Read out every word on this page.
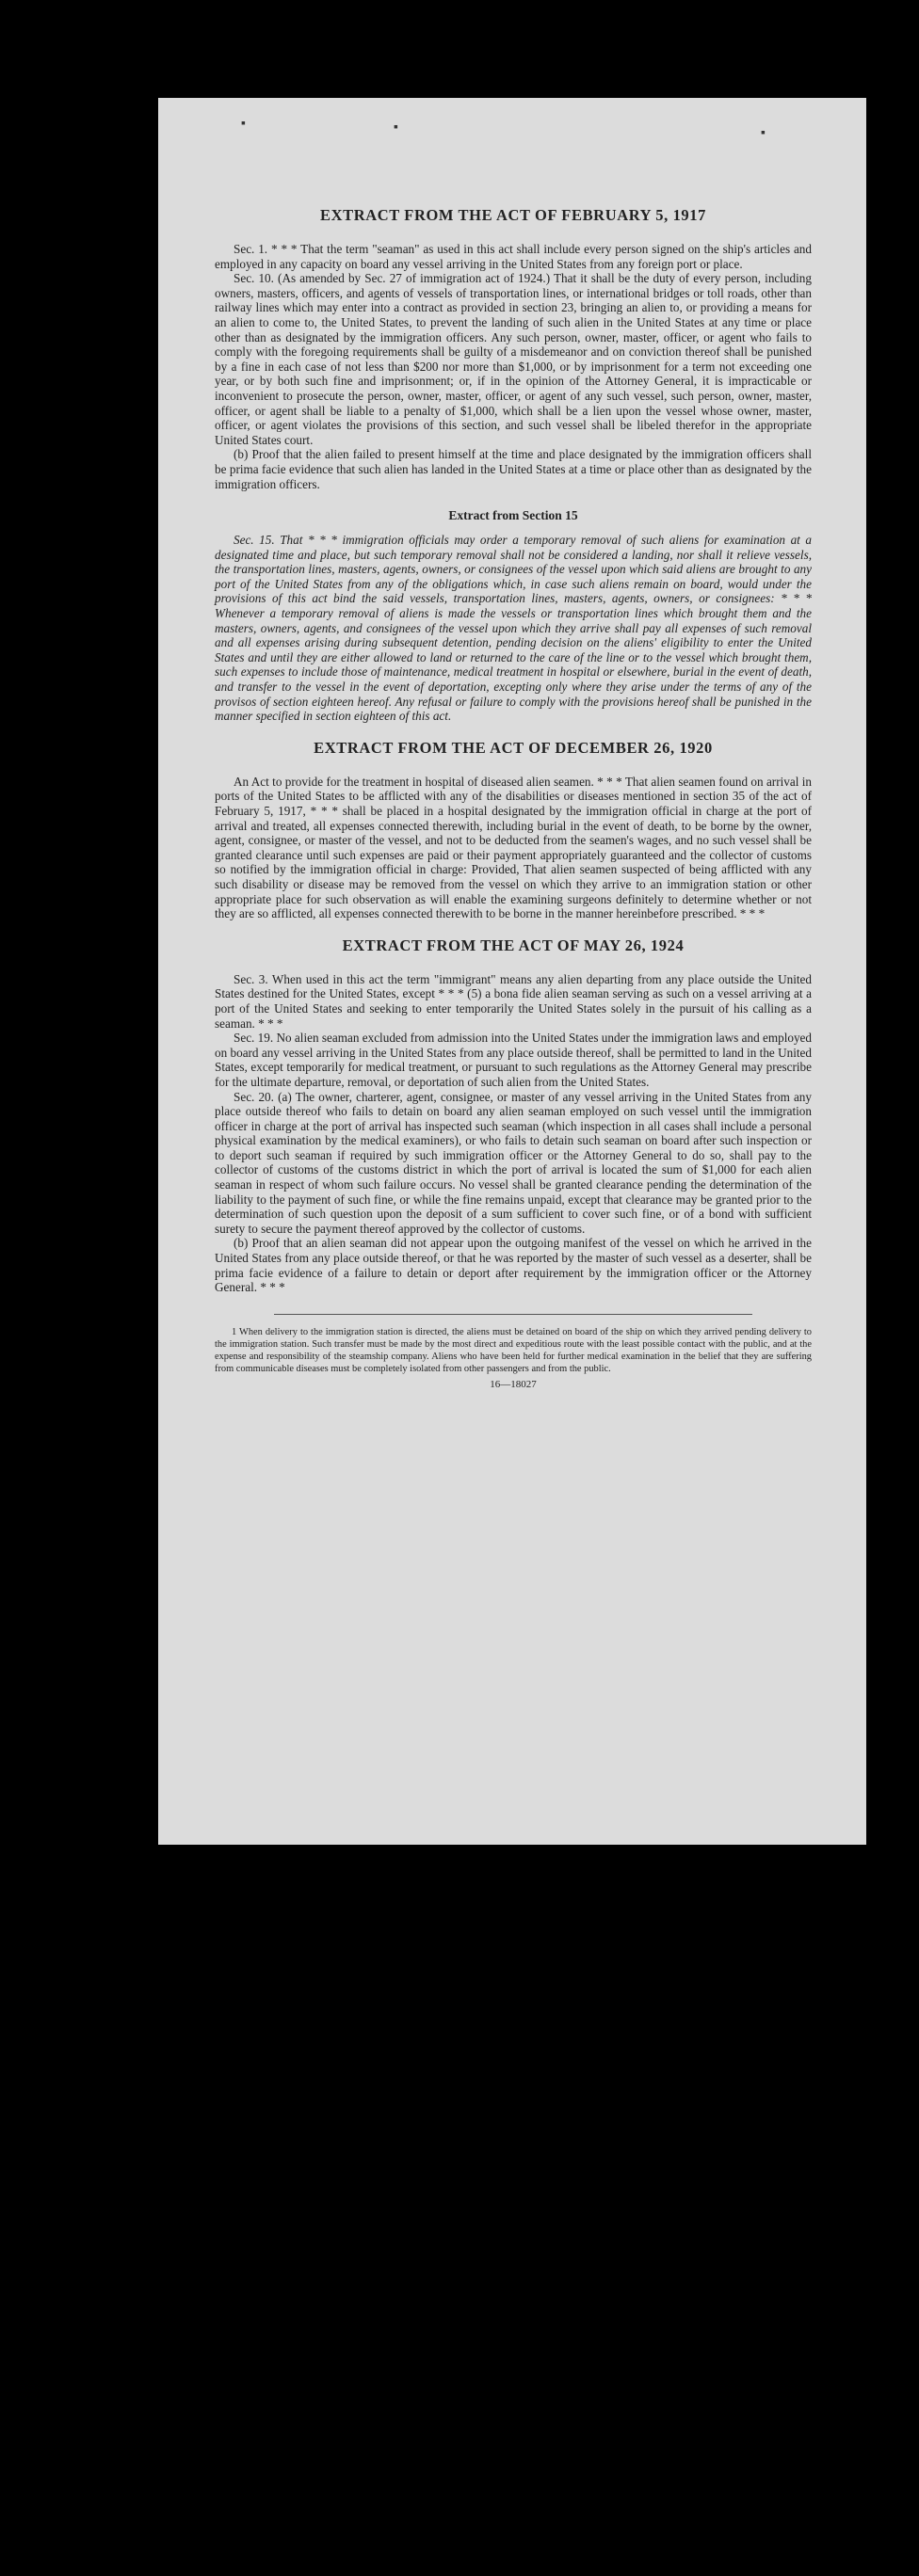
▪	▪	▪
EXTRACT FROM THE ACT OF FEBRUARY 5, 1917

Sec. 1. * * * That the term "seaman" as used in this act shall include every person signed on the ship's articles and employed in any capacity on board any vessel arriving in the United States from any foreign port or place.

Sec. 10. (As amended by Sec. 27 of immigration act of 1924.) That it shall be the duty of every person, including owners, masters, officers, and agents of vessels of transportation lines, or international bridges or toll roads, other than railway lines which may enter into a contract as provided in section 23, bringing an alien to, or providing a means for an alien to come to, the United States, to prevent the landing of such alien in the United States at any time or place other than as designated by the immigration officers. Any such person, owner, master, officer, or agent who fails to comply with the foregoing requirements shall be guilty of a misdemeanor and on conviction thereof shall be punished by a fine in each case of not less than $200 nor more than $1,000, or by imprisonment for a term not exceeding one year, or by both such fine and imprisonment; or, if in the opinion of the Attorney General, it is impracticable or inconvenient to prosecute the person, owner, master, officer, or agent of any such vessel, such person, owner, master, officer, or agent shall be liable to a penalty of $1,000, which shall be a lien upon the vessel whose owner, master, officer, or agent violates the provisions of this section, and such vessel shall be libeled therefor in the appropriate United States court.

(b) Proof that the alien failed to present himself at the time and place designated by the immigration officers shall be prima facie evidence that such alien has landed in the United States at a time or place other than as designated by the immigration officers.

Extract from Section 15

Sec. 15. That * * * immigration officials may order a temporary removal of such aliens for examination at a designated time and place, but such temporary removal shall not be considered a landing, nor shall it relieve vessels, the transportation lines, masters, agents, owners, or consignees of the vessel upon which said aliens are brought to any port of the United States from any of the obligations which, in case such aliens remain on board, would under the provisions of this act bind the said vessels, transportation lines, masters, agents, owners, or consignees: * * * Whenever a temporary removal of aliens is made the vessels or transportation lines which brought them and the masters, owners, agents, and consignees of the vessel upon which they arrive shall pay all expenses of such removal and all expenses arising during subsequent detention, pending decision on the aliens' eligibility to enter the United States and until they are either allowed to land or returned to the care of the line or to the vessel which brought them, such expenses to include those of maintenance, medical treatment in hospital or elsewhere, burial in the event of death, and transfer to the vessel in the event of deportation, excepting only where they arise under the terms of any of the provisos of section eighteen hereof. Any refusal or failure to comply with the provisions hereof shall be punished in the manner specified in section eighteen of this act.

EXTRACT FROM THE ACT OF DECEMBER 26, 1920

An Act to provide for the treatment in hospital of diseased alien seamen. * * * That alien seamen found on arrival in ports of the United States to be afflicted with any of the disabilities or diseases mentioned in section 35 of the act of February 5, 1917, * * * shall be placed in a hospital designated by the immigration official in charge at the port of arrival and treated, all expenses connected therewith, including burial in the event of death, to be borne by the owner, agent, consignee, or master of the vessel, and not to be deducted from the seamen's wages, and no such vessel shall be granted clearance until such expenses are paid or their payment appropriately guaranteed and the collector of customs so notified by the immigration official in charge: Provided, That alien seamen suspected of being afflicted with any such disability or disease may be removed from the vessel on which they arrive to an immigration station or other appropriate place for such observation as will enable the examining surgeons definitely to determine whether or not they are so afflicted, all expenses connected therewith to be borne in the manner hereinbefore prescribed. * * *

EXTRACT FROM THE ACT OF MAY 26, 1924

Sec. 3. When used in this act the term "immigrant" means any alien departing from any place outside the United States destined for the United States, except * * * (5) a bona fide alien seaman serving as such on a vessel arriving at a port of the United States and seeking to enter temporarily the United States solely in the pursuit of his calling as a seaman. * * *

Sec. 19. No alien seaman excluded from admission into the United States under the immigration laws and employed on board any vessel arriving in the United States from any place outside thereof, shall be permitted to land in the United States, except temporarily for medical treatment, or pursuant to such regulations as the Attorney General may prescribe for the ultimate departure, removal, or deportation of such alien from the United States.

Sec. 20. (a) The owner, charterer, agent, consignee, or master of any vessel arriving in the United States from any place outside thereof who fails to detain on board any alien seaman employed on such vessel until the immigration officer in charge at the port of arrival has inspected such seaman (which inspection in all cases shall include a personal physical examination by the medical examiners), or who fails to detain such seaman on board after such inspection or to deport such seaman if required by such immigration officer or the Attorney General to do so, shall pay to the collector of customs of the customs district in which the port of arrival is located the sum of $1,000 for each alien seaman in respect of whom such failure occurs. No vessel shall be granted clearance pending the determination of the liability to the payment of such fine, or while the fine remains unpaid, except that clearance may be granted prior to the determination of such question upon the deposit of a sum sufficient to cover such fine, or of a bond with sufficient surety to secure the payment thereof approved by the collector of customs.

(b) Proof that an alien seaman did not appear upon the outgoing manifest of the vessel on which he arrived in the United States from any place outside thereof, or that he was reported by the master of such vessel as a deserter, shall be prima facie evidence of a failure to detain or deport after requirement by the immigration officer or the Attorney General. * * *

1 When delivery to the immigration station is directed, the aliens must be detained on board of the ship on which they arrived pending delivery to the immigration station. Such transfer must be made by the most direct and expeditious route with the least possible contact with the public, and at the expense and responsibility of the steamship company. Aliens who have been held for further medical examination in the belief that they are suffering from communicable diseases must be completely isolated from other passengers and from the public.

16—18027
